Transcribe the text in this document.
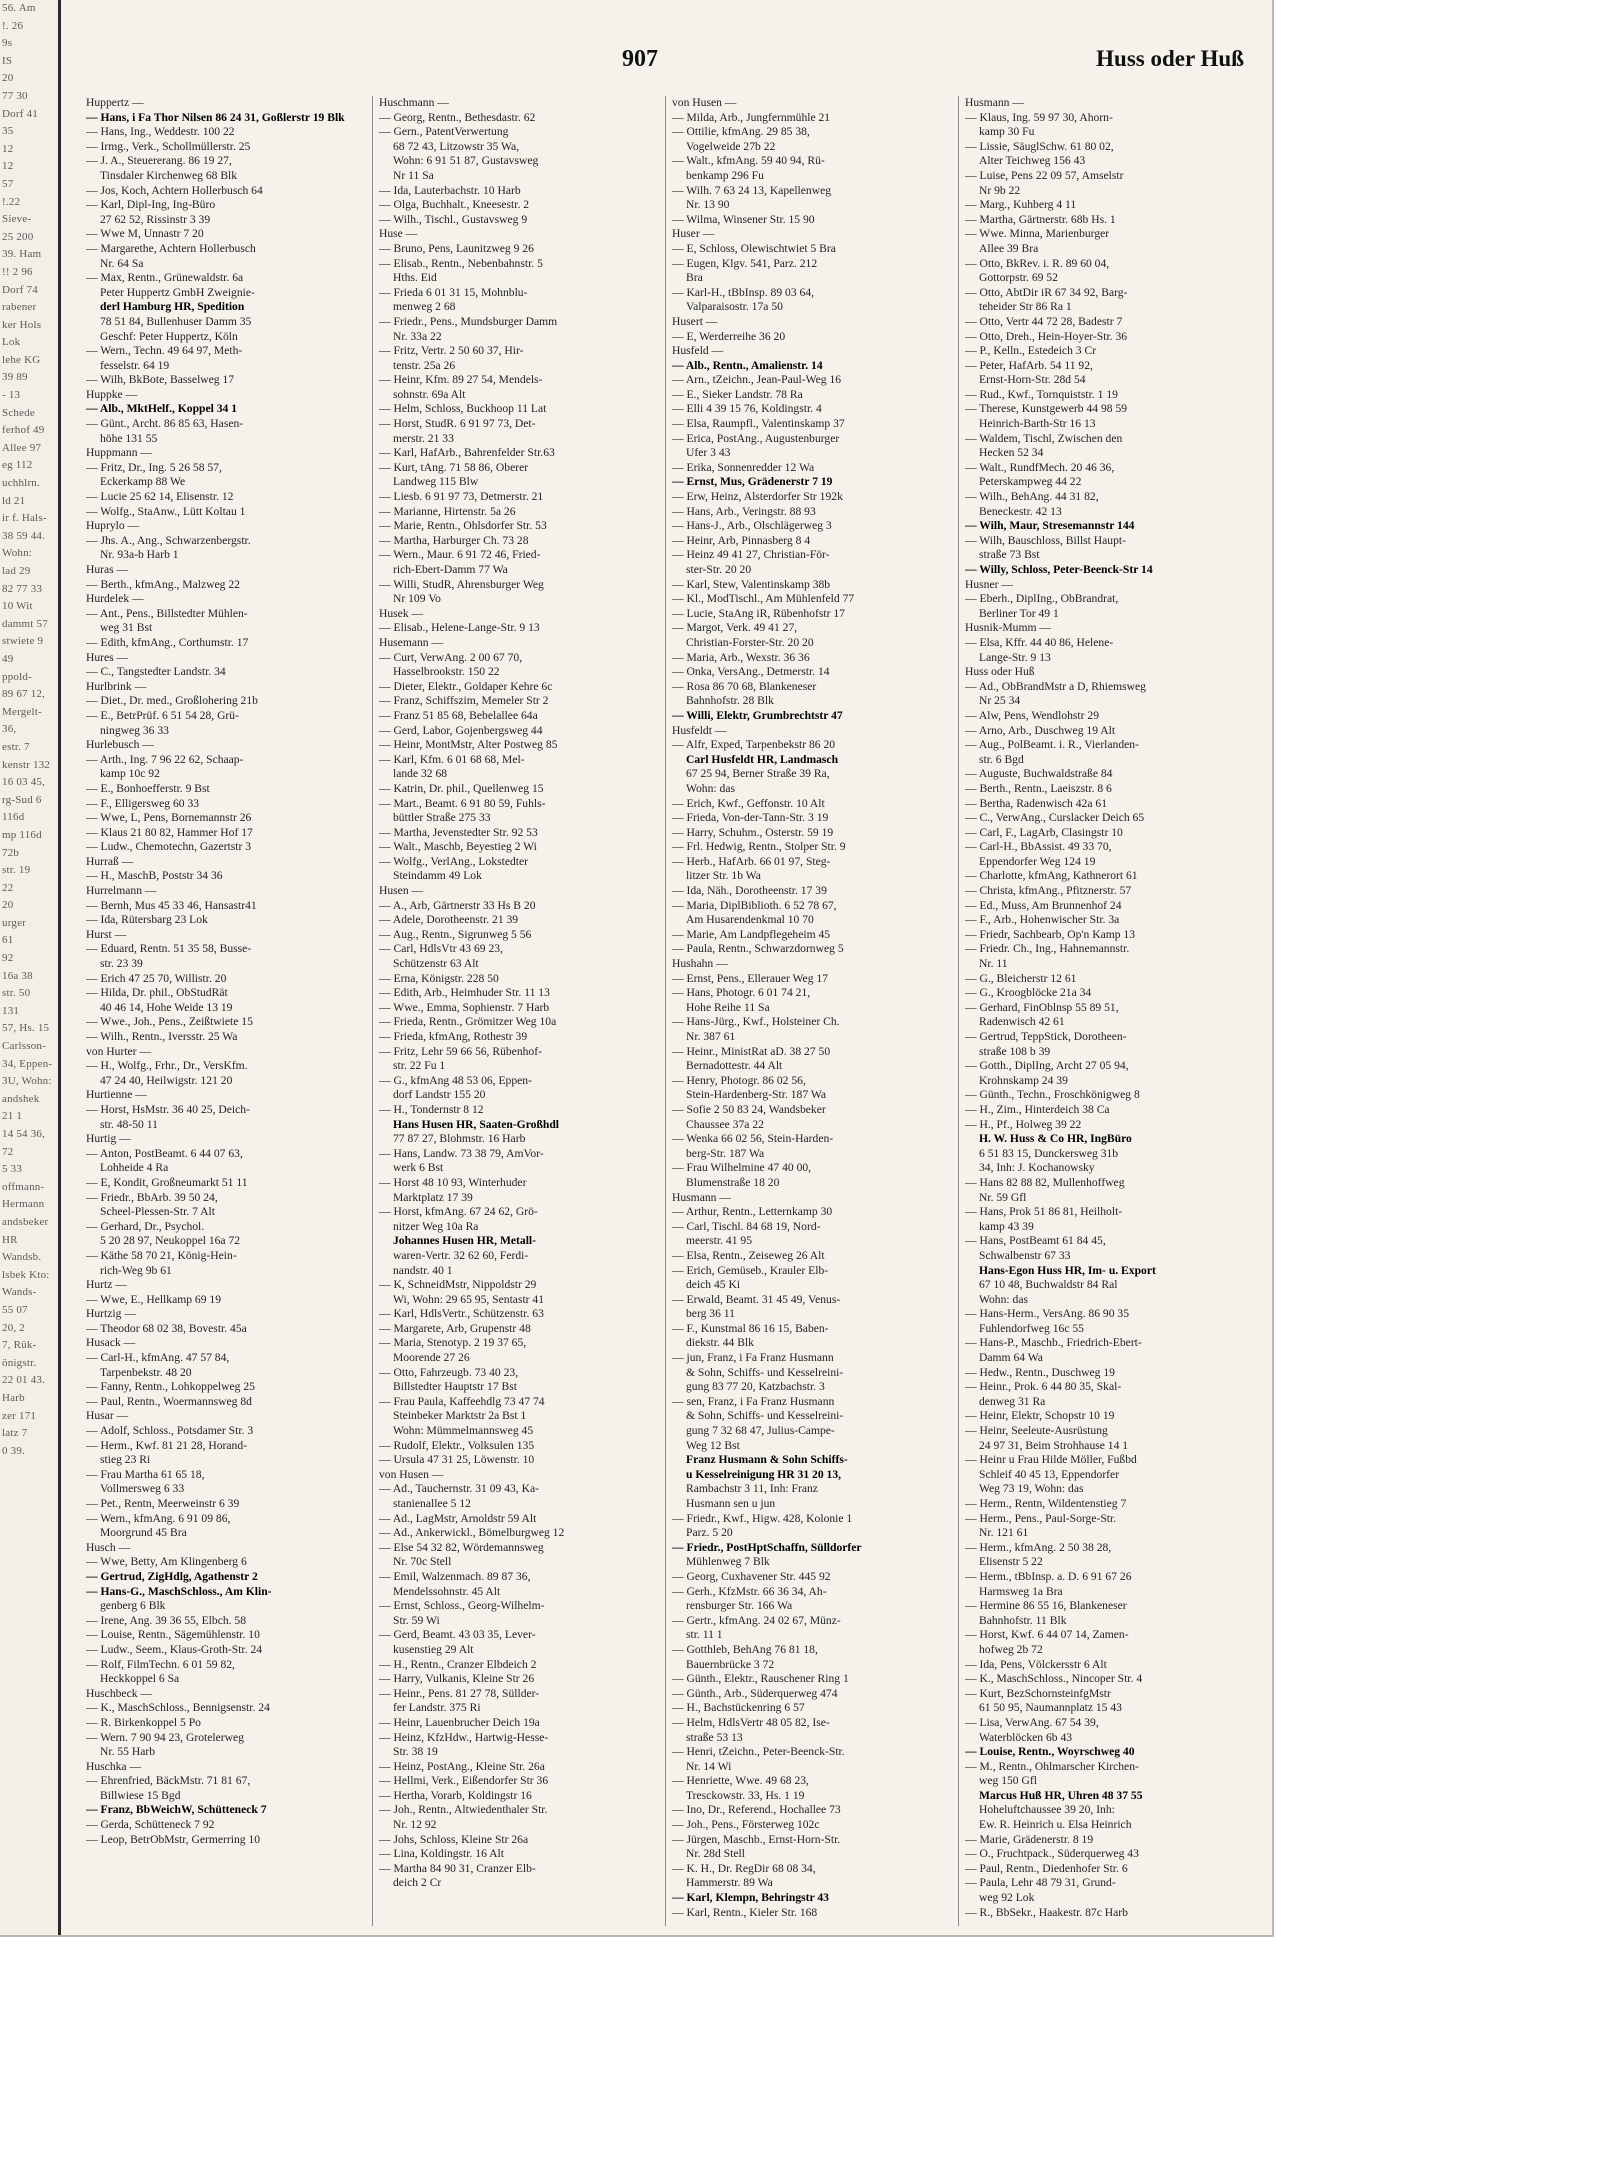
56. Am
!. 26
9s
IS
20
77 30
Dorf 41
35
12
12
57
!.22
Sieve-
25 200
39. Ham
!! 2 96
Dorf 74
rabener
ker Hols
Lok
lehe KG
39 89
- 13
Schede
ferhof 49
Allee 97
eg 112
uchhlrn.
ld 21
ir f. Hals-
38 59 44.
Wohn:
lad 29
82 77 33
10 Wit
dammt 57
stwiete 9
49
ppold-
89 67 12,
Mergelt-
36,
estr. 7
kenstr 132
16 03 45,
rg-Sud 6
116d
mp 116d
72b
str. 19
22
20
urger
61
92
16a 38
str. 50
131
57, Hs. 15
Carlsson-
34, Eppen-
3U, Wohn:
andshek
21 1
14 54 36,
72
5 33
offmann-
Hermann
andsbeker
HR
Wandsb.
lsbek Kto:
Wands-
55 07
20, 2
7, Rük-
önigstr.
22 01 43.
Harb
zer 171
latz 7
0 39.
907	Huss oder Huß
Huppertz —
— Hans, i Fa Thor Nilsen 86 24 31, Goßlerstr 19 Blk
— Hans, Ing., Weddestr. 100 22
— Irmg., Verk., Schollmüllerstr. 25
— J. A., Steuererang. 86 19 27,
Tinsdaler Kirchenweg 68 Blk
— Jos, Koch, Achtern Hollerbusch 64
— Karl, Dipl-Ing, Ing-Büro
27 62 52, Rissinstr 3 39
— Wwe M, Unnastr 7 20
— Margarethe, Achtern Hollerbusch
Nr. 64 Sa
— Max, Rentn., Grünewaldstr. 6a
Peter Huppertz GmbH Zweignie-
derl Hamburg HR, Spedition
78 51 84, Bullenhuser Damm 35
Geschf: Peter Huppertz, Köln
— Wern., Techn. 49 64 97, Meth-
fesselstr. 64 19
— Wilh, BkBote, Basselweg 17
Huppke —
— Alb., MktHelf., Koppel 34 1
— Günt., Archt. 86 85 63, Hasen-
höhe 131 55
Huppmann —
— Fritz, Dr., Ing. 5 26 58 57,
Eckerkamp 88 We
— Lucie 25 62 14, Elisenstr. 12
— Wolfg., StaAnw., Lütt Koltau 1
Huprylo —
— Jhs. A., Ang., Schwarzenbergstr.
Nr. 93a-b Harb 1
Huras —
— Berth., kfmAng., Malzweg 22
Hurdelek —
— Ant., Pens., Billstedter Mühlen-
weg 31 Bst
— Edith, kfmAng., Corthumstr. 17
Hures —
— C., Tangstedter Landstr. 34
Hurlbrink —
— Diet., Dr. med., Großlohering 21b
— E., BetrPrüf. 6 51 54 28, Grü-
ningweg 36 33
Hurlebusch —
— Arth., Ing. 7 96 22 62, Schaap-
kamp 10c 92
— E., Bonhoefferstr. 9 Bst
— F., Elligersweg 60 33
— Wwe, L, Pens, Bornemannstr 26
— Klaus 21 80 82, Hammer Hof 17
— Ludw., Chemotechn, Gazertstr 3
Hurraß —
— H., MaschB, Poststr 34 36
Hurrelmann —
— Bernh, Mus 45 33 46, Hansastr41
— Ida, Rütersbarg 23 Lok
Hurst —
— Eduard, Rentn. 51 35 58, Busse-
str. 23 39
— Erich 47 25 70, Willistr. 20
— Hilda, Dr. phil., ObStudRät
40 46 14, Hohe Weide 13 19
— Wwe., Joh., Pens., Zeißtwiete 15
— Wilh., Rentn., Iversstr. 25 Wa
von Hurter —
— H., Wolfg., Frhr., Dr., VersKfm.
47 24 40, Heilwigstr. 121 20
Hurtienne —
— Horst, HsMstr. 36 40 25, Deich-
str. 48-50 11
Hurtig —
— Anton, PostBeamt. 6 44 07 63,
Lohheide 4 Ra
— E, Kondit, Großneumarkt 51 11
— Friedr., BbArb. 39 50 24,
Scheel-Plessen-Str. 7 Alt
— Gerhard, Dr., Psychol.
5 20 28 97, Neukoppel 16a 72
— Käthe 58 70 21, König-Hein-
rich-Weg 9b 61
Hurtz —
— Wwe, E., Hellkamp 69 19
Hurtzig —
— Theodor 68 02 38, Bovestr. 45a
Husack —
— Carl-H., kfmAng. 47 57 84,
Tarpenbekstr. 48 20
— Fanny, Rentn., Lohkoppelweg 25
— Paul, Rentn., Woermannsweg 8d
Husar —
— Adolf, Schloss., Potsdamer Str. 3
— Herm., Kwf. 81 21 28, Horand-
stieg 23 Ri
— Frau Martha 61 65 18,
Vollmersweg 6 33
— Pet., Rentn, Meerweinstr 6 39
— Wern., kfmAng. 6 91 09 86,
Moorgrund 45 Bra
Husch —
— Wwe, Betty, Am Klingenberg 6
— Gertrud, ZigHdlg, Agathenstr 2
— Hans-G., MaschSchloss., Am Klin-
genberg 6 Blk
— Irene, Ang. 39 36 55, Elbch. 58
— Louise, Rentn., Sägemühlenstr. 10
— Ludw., Seem., Klaus-Groth-Str. 24
— Rolf, FilmTechn. 6 01 59 82,
Heckkoppel 6 Sa
Huschbeck —
— K., MaschSchloss., Bennigsenstr. 24
— R. Birkenkoppel 5 Po
— Wern. 7 90 94 23, Grotelerweg
Nr. 55 Harb
Huschka —
— Ehrenfried, BäckMstr. 71 81 67,
Billwiese 15 Bgd
— Franz, BbWeichW, Schütteneck 7
— Gerda, Schütteneck 7 92
— Leop, BetrObMstr, Germerring 10
Huschmann —
— Georg, Rentn., Bethesdastr. 62
— Gern., PatentVerwertung
68 72 43, Litzowstr 35 Wa,
Wohn: 6 91 51 87, Gustavsweg
Nr 11 Sa
— Ida, Lauterbachstr. 10 Harb
— Olga, Buchhalt., Kneesestr. 2
— Wilh., Tischl., Gustavsweg 9
Huse —
— Bruno, Pens, Launitzweg 9 26
— Elisab., Rentn., Nebenbahnstr. 5
Hths. Eid
— Frieda 6 01 31 15, Mohnblu-
menweg 2 68
— Friedr., Pens., Mundsburger Damm
Nr. 33a 22
— Fritz, Vertr. 2 50 60 37, Hir-
tenstr. 25a 26
— Heinr, Kfm. 89 27 54, Mendels-
sohnstr. 69a Alt
— Helm, Schloss, Buckhoop 11 Lat
— Horst, StudR. 6 91 97 73, Det-
merstr. 21 33
— Karl, HafArb., Bahrenfelder Str.63
— Kurt, tAng. 71 58 86, Oberer
Landweg 115 Blw
— Liesb. 6 91 97 73, Detmerstr. 21
— Marianne, Hirtenstr. 5a 26
— Marie, Rentn., Ohlsdorfer Str. 53
— Martha, Harburger Ch. 73 28
— Wern., Maur. 6 91 72 46, Fried-
rich-Ebert-Damm 77 Wa
— Willi, StudR, Ahrensburger Weg
Nr 109 Vo
Husek —
— Elisab., Helene-Lange-Str. 9 13
Husemann —
— Curt, VerwAng. 2 00 67 70,
Hasselbrookstr. 150 22
— Dieter, Elektr., Goldaper Kehre 6c
— Franz, Schiffszim, Memeler Str 2
— Franz 51 85 68, Bebelallee 64a
— Gerd, Labor, Gojenbergsweg 44
— Heinr, MontMstr, Alter Postweg 85
— Karl, Kfm. 6 01 68 68, Mel-
lande 32 68
— Katrin, Dr. phil., Quellenweg 15
— Mart., Beamt. 6 91 80 59, Fuhls-
büttler Straße 275 33
— Martha, Jevenstedter Str. 92 53
— Walt., Maschb, Beyestieg 2 Wi
— Wolfg., VerlAng., Lokstedter
Steindamm 49 Lok
Husen —
— A., Arb, Gärtnerstr 33 Hs B 20
— Adele, Dorotheenstr. 21 39
— Aug., Rentn., Sigrunweg 5 56
— Carl, HdlsVtr 43 69 23,
Schützenstr 63 Alt
— Erna, Königstr. 228 50
— Edith, Arb., Heimhuder Str. 11 13
— Wwe., Emma, Sophienstr. 7 Harb
— Frieda, Rentn., Grömitzer Weg 10a
— Frieda, kfmAng, Rothestr 39
— Fritz, Lehr 59 66 56, Rübenhof-
str. 22 Fu 1
— G., kfmAng 48 53 06, Eppen-
dorf Landstr 155 20
— H., Tondernstr 8 12
Hans Husen HR, Saaten-Großhdl
77 87 27, Blohmstr. 16 Harb
— Hans, Landw. 73 38 79, AmVor-
werk 6 Bst
— Horst 48 10 93, Winterhuder
Marktplatz 17 39
— Horst, kfmAng. 67 24 62, Grö-
nitzer Weg 10a Ra
Johannes Husen HR, Metall-
waren-Vertr. 32 62 60, Ferdi-
nandstr. 40 1
— K, SchneidMstr, Nippoldstr 29
Wi, Wohn: 29 65 95, Sentastr 41
— Karl, HdlsVertr., Schützenstr. 63
— Margarete, Arb, Grupenstr 48
— Maria, Stenotyp. 2 19 37 65,
Moorende 27 26
— Otto, Fahrzeugb. 73 40 23,
Billstedter Hauptstr 17 Bst
— Frau Paula, Kaffeehdlg 73 47 74
Steinbeker Marktstr 2a Bst 1
Wohn: Mümmelmannsweg 45
— Rudolf, Elektr., Volksulen 135
— Ursula 47 31 25, Löwenstr. 10
von Husen —
— Ad., Tauchernstr. 31 09 43, Ka-
stanienallee 5 12
— Ad., LagMstr, Arnoldstr 59 Alt
— Ad., Ankerwickl., Bömelburgweg 12
— Else 54 32 82, Wördemannsweg
Nr. 70c Stell
— Emil, Walzenmach. 89 87 36,
Mendelssohnstr. 45 Alt
— Ernst, Schloss., Georg-Wilhelm-
Str. 59 Wi
— Gerd, Beamt. 43 03 35, Lever-
kusenstieg 29 Alt
— H., Rentn., Cranzer Elbdeich 2
— Harry, Vulkanis, Kleine Str 26
— Heinr., Pens. 81 27 78, Süllder-
fer Landstr. 375 Ri
— Heinr, Lauenbrucher Deich 19a
— Heinz, KfzHdw., Hartwig-Hesse-
Str. 38 19
— Heinz, PostAng., Kleine Str. 26a
— Hellmi, Verk., Eißendorfer Str 36
— Hertha, Vorarb, Koldingstr 16
— Joh., Rentn., Altwiedenthaler Str.
Nr. 12 92
— Johs, Schloss, Kleine Str 26a
— Lina, Koldingstr. 16 Alt
— Martha 84 90 31, Cranzer Elb-
deich 2 Cr
von Husen —
— Milda, Arb., Jungfernmühle 21
— Ottilie, kfmAng. 29 85 38,
Vogelweide 27b 22
— Walt., kfmAng. 59 40 94, Rü-
benkamp 296 Fu
— Wilh. 7 63 24 13, Kapellenweg
Nr. 13 90
— Wilma, Winsener Str. 15 90
Huser —
— E, Schloss, Olewischtwiet 5 Bra
— Eugen, Klgv. 541, Parz. 212
Bra
— Karl-H., tBbInsp. 89 03 64,
Valparaisostr. 17a 50
Husert —
— E, Werderreihe 36 20
Husfeld —
— Alb., Rentn., Amalienstr. 14
— Arn., tZeichn., Jean-Paul-Weg 16
— E., Sieker Landstr. 78 Ra
— Elli 4 39 15 76, Koldingstr. 4
— Elsa, Raumpfl., Valentinskamp 37
— Erica, PostAng., Augustenburger
Ufer 3 43
— Erika, Sonnenredder 12 Wa
— Ernst, Mus, Grädenerstr 7 19
— Erw, Heinz, Alsterdorfer Str 192k
— Hans, Arb., Veringstr. 88 93
— Hans-J., Arb., Olschlägerweg 3
— Heinr, Arb, Pinnasberg 8 4
— Heinz 49 41 27, Christian-För-
ster-Str. 20 20
— Karl, Stew, Valentinskamp 38b
— Kl., ModTischl., Am Mühlenfeld 77
— Lucie, StaAng iR, Rübenhofstr 17
— Margot, Verk. 49 41 27,
Christian-Forster-Str. 20 20
— Maria, Arb., Wexstr. 36 36
— Onka, VersAng., Detmerstr. 14
— Rosa 86 70 68, Blankeneser
Bahnhofstr. 28 Blk
— Willi, Elektr, Grumbrechtstr 47
Husfeldt —
— Alfr, Exped, Tarpenbekstr 86 20
Carl Husfeldt HR, Landmasch
67 25 94, Berner Straße 39 Ra,
Wohn: das
— Erich, Kwf., Geffonstr. 10 Alt
— Frieda, Von-der-Tann-Str. 3 19
— Harry, Schuhm., Osterstr. 59 19
— Frl. Hedwig, Rentn., Stolper Str. 9
— Herb., HafArb. 66 01 97, Steg-
litzer Str. 1b Wa
— Ida, Näh., Dorotheenstr. 17 39
— Maria, DiplBiblioth. 6 52 78 67,
Am Husarendenkmal 10 70
— Marie, Am Landpflegeheim 45
— Paula, Rentn., Schwarzdornweg 5
Hushahn —
— Ernst, Pens., Ellerauer Weg 17
— Hans, Photogr. 6 01 74 21,
Hohe Reihe 11 Sa
— Hans-Jürg., Kwf., Holsteiner Ch.
Nr. 387 61
— Heinr., MinistRat aD. 38 27 50
Bernadottestr. 44 Alt
— Henry, Photogr. 86 02 56,
Stein-Hardenberg-Str. 187 Wa
— Sofie 2 50 83 24, Wandsbeker
Chaussee 37a 22
— Wenka 66 02 56, Stein-Harden-
berg-Str. 187 Wa
— Frau Wilhelmine 47 40 00,
Blumenstraße 18 20
Husmann —
— Arthur, Rentn., Letternkamp 30
— Carl, Tischl. 84 68 19, Nord-
meerstr. 41 95
— Elsa, Rentn., Zeiseweg 26 Alt
— Erich, Gemüseb., Krauler Elb-
deich 45 Ki
— Erwald, Beamt. 31 45 49, Venus-
berg 36 11
— F., Kunstmal 86 16 15, Baben-
diekstr. 44 Blk
— jun, Franz, i Fa Franz Husmann
& Sohn, Schiffs- und Kesselreini-
gung 83 77 20, Katzbachstr. 3
— sen, Franz, i Fa Franz Husmann
& Sohn, Schiffs- und Kesselreini-
gung 7 32 68 47, Julius-Campe-
Weg 12 Bst
Franz Husmann & Sohn Schiffs-
u Kesselreinigung HR 31 20 13,
Rambachstr 3 11, Inh: Franz
Husmann sen u jun
— Friedr., Kwf., Higw. 428, Kolonie 1
Parz. 5 20
— Friedr., PostHptSchaffn, Sülldorfer
Mühlenweg 7 Blk
— Georg, Cuxhavener Str. 445 92
— Gerh., KfzMstr. 66 36 34, Ah-
rensburger Str. 166 Wa
— Gertr., kfmAng. 24 02 67, Münz-
str. 11 1
— Gotthleb, BehAng 76 81 18,
Bauernbrücke 3 72
— Günth., Elektr., Rauschener Ring 1
— Günth., Arb., Süderquerweg 474
— H., Bachstückenring 6 57
— Helm, HdlsVertr 48 05 82, Ise-
straße 53 13
— Henri, tZeichn., Peter-Beenck-Str.
Nr. 14 Wi
— Henriette, Wwe. 49 68 23,
Tresckowstr. 33, Hs. 1 19
— Ino, Dr., Referend., Hochallee 73
— Joh., Pens., Försterweg 102c
— Jürgen, Maschb., Ernst-Horn-Str.
Nr. 28d Stell
— K. H., Dr. RegDir 68 08 34,
Hammerstr. 89 Wa
— Karl, Klempn, Behringstr 43
— Karl, Rentn., Kieler Str. 168
Husmann —
— Klaus, Ing. 59 97 30, Ahorn-
kamp 30 Fu
— Lissie, SäuglSchw. 61 80 02,
Alter Teichweg 156 43
— Luise, Pens 22 09 57, Amselstr
Nr 9b 22
— Marg., Kuhberg 4 11
— Martha, Gärtnerstr. 68b Hs. 1
— Wwe. Minna, Marienburger
Allee 39 Bra
— Otto, BkRev. i. R. 89 60 04,
Gottorpstr. 69 52
— Otto, AbtDir iR 67 34 92, Barg-
teheider Str 86 Ra 1
— Otto, Vertr 44 72 28, Badestr 7
— Otto, Dreh., Hein-Hoyer-Str. 36
— P., Kelln., Estedeich 3 Cr
— Peter, HafArb. 54 11 92,
Ernst-Horn-Str. 28d 54
— Rud., Kwf., Tornquiststr. 1 19
— Therese, Kunstgewerb 44 98 59
Heinrich-Barth-Str 16 13
— Waldem, Tischl, Zwischen den
Hecken 52 34
— Walt., RundfMech. 20 46 36,
Peterskampweg 44 22
— Wilh., BehAng. 44 31 82,
Beneckestr. 42 13
— Wilh, Maur, Stresemannstr 144
— Wilh, Bauschloss, Billst Haupt-
straße 73 Bst
— Willy, Schloss, Peter-Beenck-Str 14
Husner —
— Eberh., DiplIng., ObBrandrat,
Berliner Tor 49 1
Husnik-Mumm —
— Elsa, Kffr. 44 40 86, Helene-
Lange-Str. 9 13
Huss oder Huß
— Ad., ObBrandMstr a D, Rhiemsweg
Nr 25 34
— Alw, Pens, Wendlohstr 29
— Arno, Arb., Duschweg 19 Alt
— Aug., PolBeamt. i. R., Vierlanden-
str. 6 Bgd
— Auguste, Buchwaldstraße 84
— Berth., Rentn., Laeiszstr. 8 6
— Bertha, Radenwisch 42a 61
— C., VerwAng., Curslacker Deich 65
— Carl, F., LagArb, Clasingstr 10
— Carl-H., BbAssist. 49 33 70,
Eppendorfer Weg 124 19
— Charlotte, kfmAng, Kathnerort 61
— Christa, kfmAng., Pfitznerstr. 57
— Ed., Muss, Am Brunnenhof 24
— F., Arb., Hohenwischer Str. 3a
— Friedr, Sachbearb, Op'n Kamp 13
— Friedr. Ch., Ing., Hahnemannstr.
Nr. 11
— G., Bleicherstr 12 61
— G., Kroogblöcke 21a 34
— Gerhard, FinOblnsp 55 89 51,
Radenwisch 42 61
— Gertrud, TeppStick, Dorotheen-
straße 108 b 39
— Gotth., DiplIng, Archt 27 05 94,
Krohnskamp 24 39
— Günth., Techn., Froschkönigweg 8
— H., Zim., Hinterdeich 38 Ca
— H., Pf., Holweg 39 22
H. W. Huss & Co HR, IngBüro
6 51 83 15, Dunckersweg 31b
34, Inh: J. Kochanowsky
— Hans 82 88 82, Mullenhoffweg
Nr. 59 Gfl
— Hans, Prok 51 86 81, Heilholt-
kamp 43 39
— Hans, PostBeamt 61 84 45,
Schwalbenstr 67 33
Hans-Egon Huss HR, Im- u. Export
67 10 48, Buchwaldstr 84 Ral
Wohn: das
— Hans-Herm., VersAng. 86 90 35
Fuhlendorfweg 16c 55
— Hans-P., Maschb., Friedrich-Ebert-
Damm 64 Wa
— Hedw., Rentn., Duschweg 19
— Heinr., Prok. 6 44 80 35, Skal-
denweg 31 Ra
— Heinr, Elektr, Schopstr 10 19
— Heinr, Seeleute-Ausrüstung
24 97 31, Beim Strohhause 14 1
— Heinr u Frau Hilde Möller, Fußbd
Schleif 40 45 13, Eppendorfer
Weg 73 19, Wohn: das
— Herm., Rentn, Wildentenstieg 7
— Herm., Pens., Paul-Sorge-Str.
Nr. 121 61
— Herm., kfmAng. 2 50 38 28,
Elisenstr 5 22
— Herm., tBbInsp. a. D. 6 91 67 26
Harmsweg 1a Bra
— Hermine 86 55 16, Blankeneser
Bahnhofstr. 11 Blk
— Horst, Kwf. 6 44 07 14, Zamen-
hofweg 2b 72
— Ida, Pens, Völckersstr 6 Alt
— K., MaschSchloss., Nincoper Str. 4
— Kurt, BezSchornsteinfgMstr
61 50 95, Naumannplatz 15 43
— Lisa, VerwAng. 67 54 39,
Waterblöcken 6b 43
— Louise, Rentn., Woyrschweg 40
— M., Rentn., Ohlmarscher Kirchen-
weg 150 Gfl
Marcus Huß HR, Uhren 48 37 55
Hoheluftchaussee 39 20, Inh:
Ew. R. Heinrich u. Elsa Heinrich
— Marie, Grädenerstr. 8 19
— O., Fruchtpack., Süderquerweg 43
— Paul, Rentn., Diedenhofer Str. 6
— Paula, Lehr 48 79 31, Grund-
weg 92 Lok
— R., BbSekr., Haakestr. 87c Harb
